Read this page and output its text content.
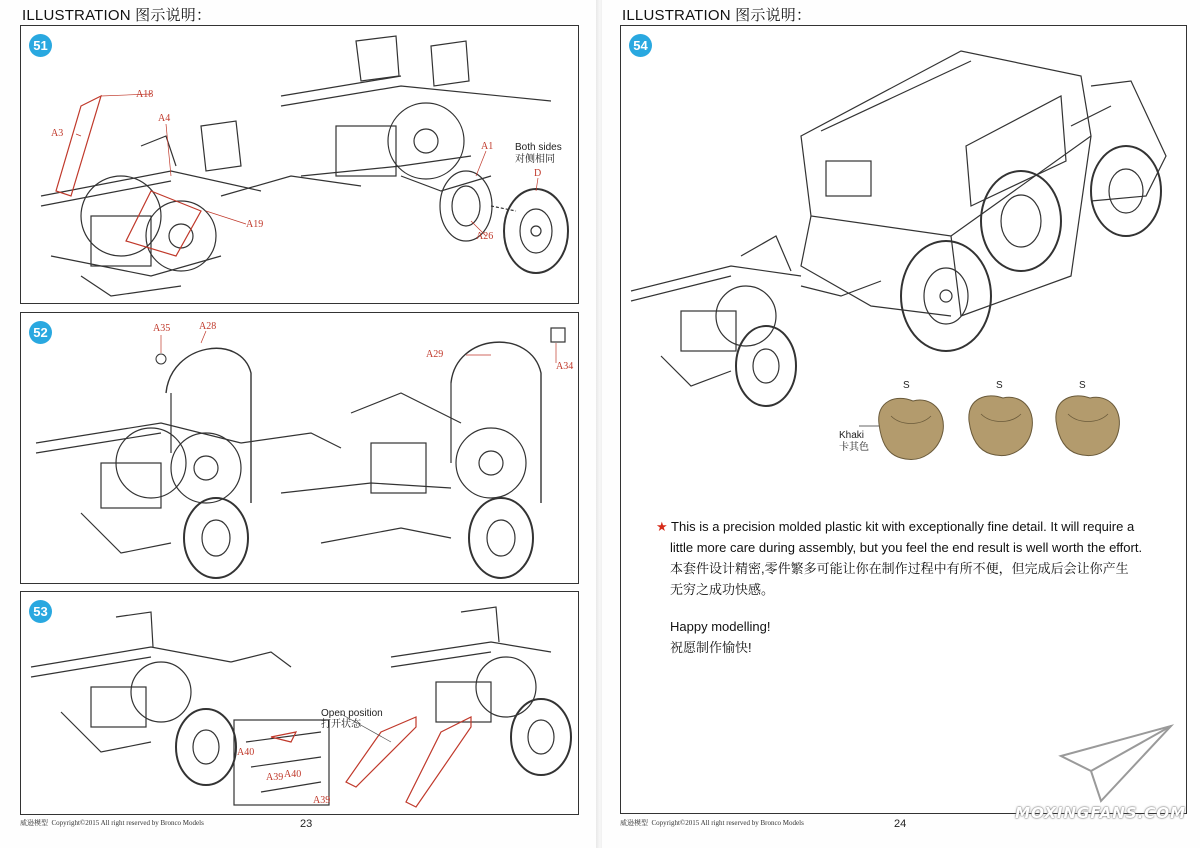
ILLUSTRATION 图示说明：
51
A18
A3
A4
A19
A1
A26
D
Both sides
对侧相同
52	A35	A28
A29
A34
53
A40
A39 A40
A39
Open position
打开状态
威逊模型 Copyright©2015 All right reserved by Bronco Models	23
ILLUSTRATION 图示说明：
54
S	S	S
Khaki
卡其色
★ This is a precision molded plastic kit with exceptionally fine detail. It will require a
little more care during assembly, but you feel the end result is well worth the effort.
本套件设计精密,零件繁多可能让你在制作过程中有所不便，但完成后会让你产生
无穷之成功快感。
Happy modelling!
祝愿制作愉快!
威逊模型 Copyright©2015 All right reserved by Bronco Models	24
MOXINGFANS.COM
